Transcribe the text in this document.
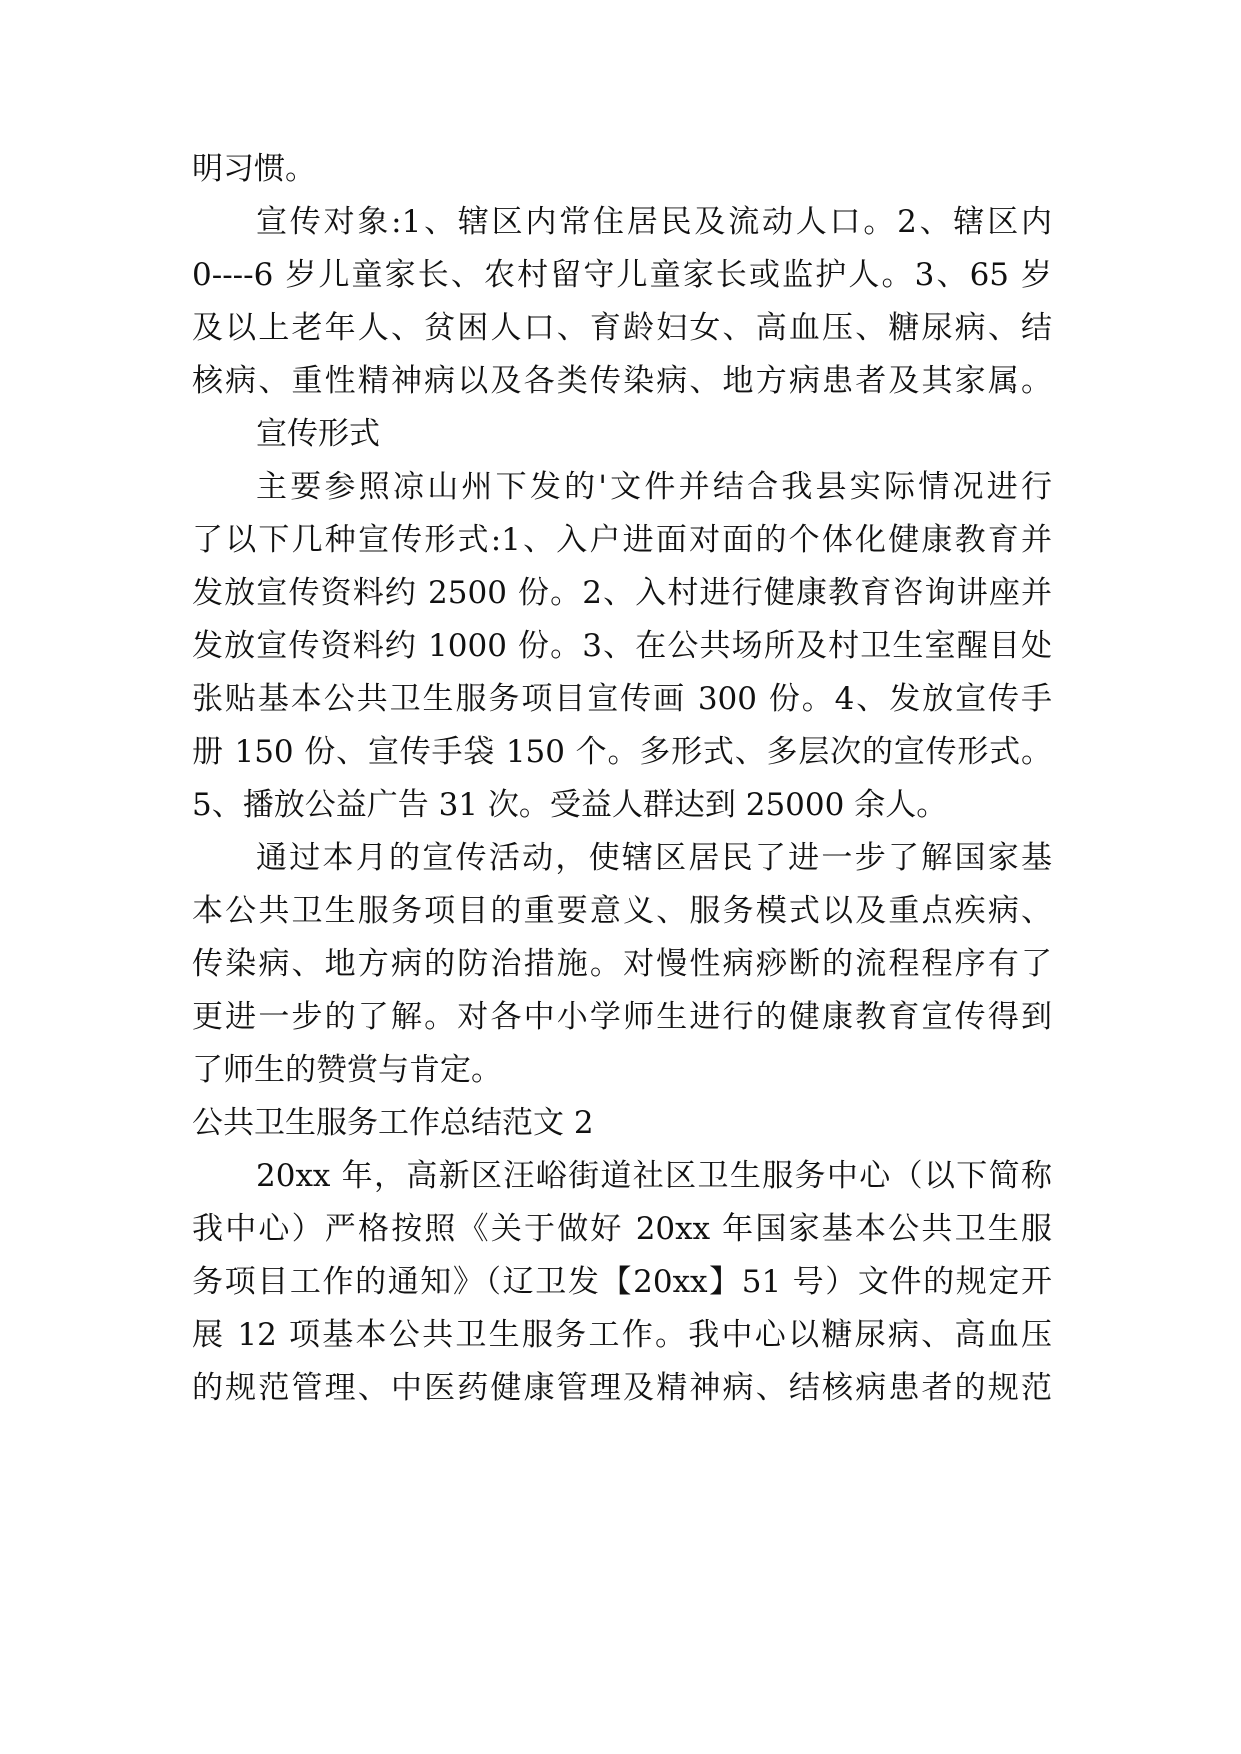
明习惯。
宣传对象:1、辖区内常住居民及流动人口。2、辖区内
0----6 岁儿童家长、农村留守儿童家长或监护人。3、65 岁
及以上老年人、贫困人口、育龄妇女、高血压、糖尿病、结
核病、重性精神病以及各类传染病、地方病患者及其家属。
宣传形式
主要参照凉山州下发的'文件并结合我县实际情况进行
了以下几种宣传形式:1、入户进面对面的个体化健康教育并
发放宣传资料约 2500 份。2、入村进行健康教育咨询讲座并
发放宣传资料约 1000 份。3、在公共场所及村卫生室醒目处
张贴基本公共卫生服务项目宣传画 300 份。4、发放宣传手
册 150 份、宣传手袋 150 个。多形式、多层次的宣传形式。
5、播放公益广告 31 次。受益人群达到 25000 余人。
通过本月的宣传活动，使辖区居民了进一步了解国家基
本公共卫生服务项目的重要意义、服务模式以及重点疾病、
传染病、地方病的防治措施。对慢性病痧断的流程程序有了
更进一步的了解。对各中小学师生进行的健康教育宣传得到
了师生的赞赏与肯定。
公共卫生服务工作总结范文 2
20xx 年，高新区汪峪街道社区卫生服务中心（以下简称
我中心）严格按照《关于做好 20xx 年国家基本公共卫生服
务项目工作的通知》（辽卫发【20xx】51 号）文件的规定开
展 12 项基本公共卫生服务工作。我中心以糖尿病、高血压
的规范管理、中医药健康管理及精神病、结核病患者的规范
